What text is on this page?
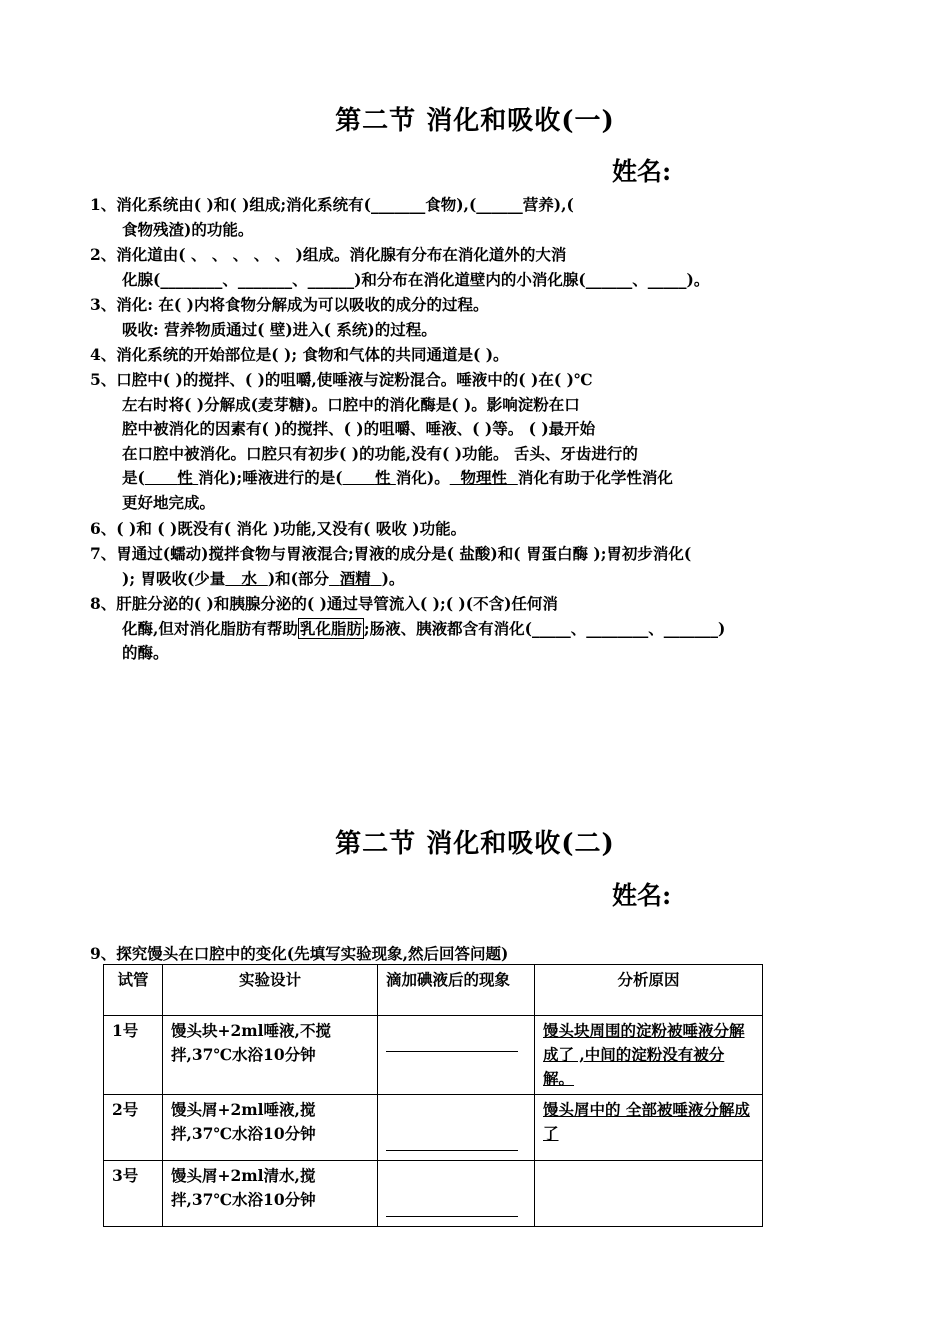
第二节 消化和吸收(一)
姓名:
1、消化系统由( )和( )组成;消化系统有(_______食物),(______营养),(
食物残渣)的功能。
2、消化道由( 、 、 、 、 、 )组成。消化腺有分布在消化道外的大消
化腺(________、_______、______)和分布在消化道壁内的小消化腺(______、_____)。
3、消化: 在( )内将食物分解成为可以吸收的成分的过程。
吸收: 营养物质通过( 壁)进入( 系统)的过程。
4、消化系统的开始部位是( ); 食物和气体的共同通道是( )。
5、口腔中( )的搅拌、( )的咀嚼,使唾液与淀粉混合。唾液中的( )在( )℃
左右时将( )分解成(麦芽糖)。口腔中的消化酶是( )。影响淀粉在口
腔中被消化的因素有( )的搅拌、( )的咀嚼、唾液、( )等。 ( )最开始
在口腔中被消化。口腔只有初步( )的功能,没有( )功能。 舌头、牙齿进行的
是( 性 消化);唾液进行的是( 性 消化)。 物理性 消化有助于化学性消化
更好地完成。
6、( )和 ( )既没有( 消化 )功能,又没有( 吸收 )功能。
7、胃通过(蠕动)搅拌食物与胃液混合;胃液的成分是( 盐酸)和( 胃蛋白酶 );胃初步消化(
); 胃吸收(少量 水 )和(部分 酒精 )。
8、肝脏分泌的( )和胰腺分泌的( )通过导管流入( );( )(不含)任何消
化酶,但对消化脂肪有帮助 乳化脂肪 ;肠液、胰液都含有消化(_____、________、_______)
的酶。
第二节 消化和吸收(二)
姓名:
9、探究馒头在口腔中的变化(先填写实验现象,然后回答问题)
试管	实验设计	滴加碘液后的现象	分析原因
1号	馒头块+2ml唾液,不搅拌,37℃水浴10分钟		馒头块周围的淀粉被唾液分解成了 ,中间的淀粉没有被分解。
2号	馒头屑+2ml唾液,搅拌,37℃水浴10分钟		馒头屑中的 全部被唾液分解成了
3号	馒头屑+2ml清水,搅拌,37℃水浴10分钟	
